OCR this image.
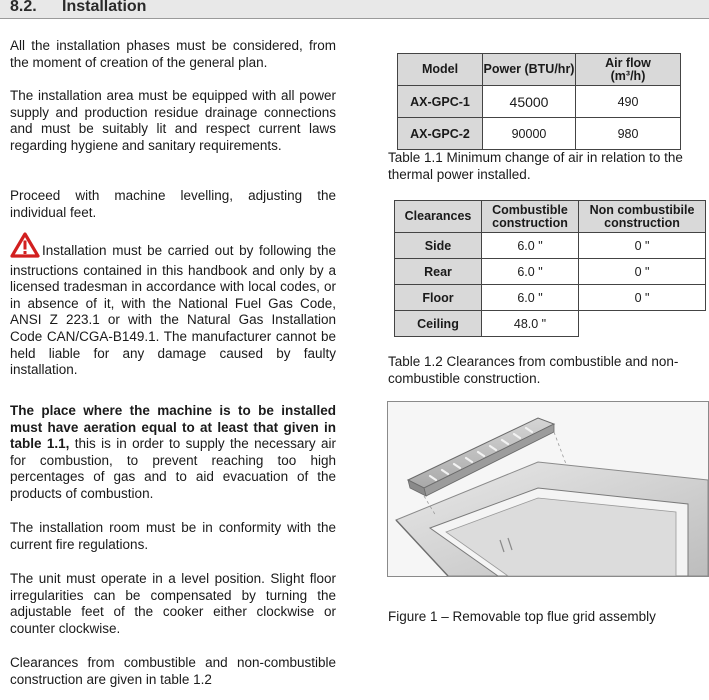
8.2. Installation

All the installation phases must be considered, from the moment of creation of the general plan.

The installation area must be equipped with all power supply and production residue drainage connections and must be suitably lit and respect current laws regarding hygiene and sanitary requirements.

Proceed with machine levelling, adjusting the individual feet.

Installation must be carried out by following the instructions contained in this handbook and only by a licensed tradesman in accordance with local codes, or in absence of it, with the National Fuel Gas Code, ANSI Z 223.1 or with the Natural Gas Installation Code CAN/CGA-B149.1. The manufacturer cannot be held liable for any damage caused by faulty installation.

The place where the machine is to be installed must have aeration equal to at least that given in table 1.1, this is in order to supply the necessary air for combustion, to prevent reaching too high percentages of gas and to aid evacuation of the products of combustion.

The installation room must be in conformity with the current fire regulations.

The unit must operate in a level position. Slight floor irregularities can be compensated by turning the adjustable feet of the cooker either clockwise or counter clockwise.

Clearances from combustible and non-combustible construction are given in table 1.2

Model	Power (BTU/hr)	Air flow
(m³/h)
AX-GPC-1	45000	490
AX-GPC-2	90000	980

Table 1.1 Minimum change of air in relation to the

thermal power installed.

Clearances	Combustible construction	Non combustibile construction
Side	6.0 "	0 "
Rear	6.0 "	0 "
Floor	6.0 "	0 "
Ceiling	48.0 "	

Table 1.2 Clearances from combustible and non-

combustible construction.

Figure 1 – Removable top flue grid assembly
